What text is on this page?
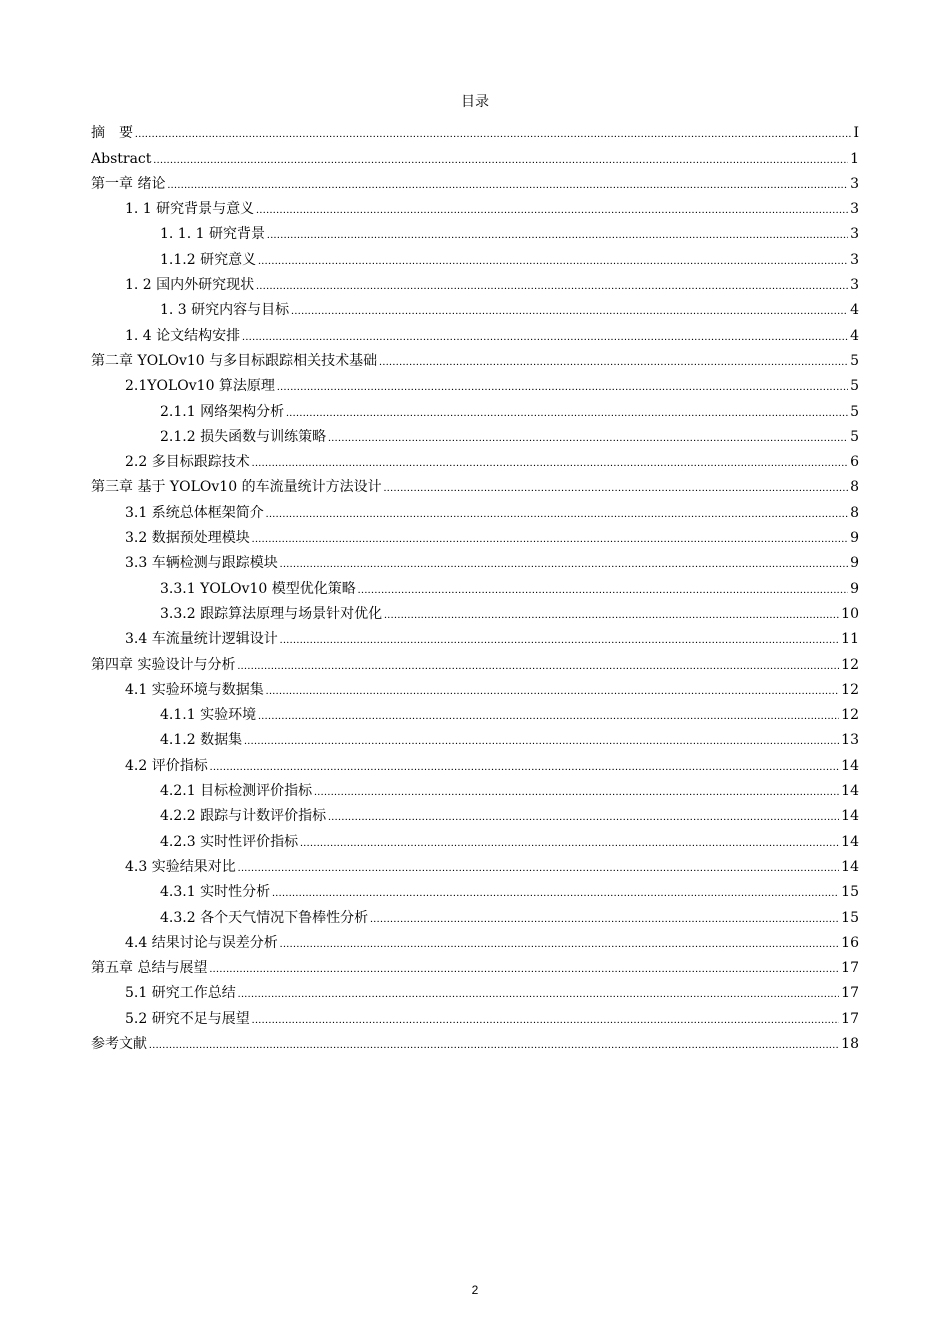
目录
摘　要 .....	I
Abstract .....	1
第一章 绪论 .....	3
1. 1 研究背景与意义 .....	3
1. 1. 1 研究背景 .....	3
1.1.2 研究意义 .....	3
1. 2 国内外研究现状 .....	3
1. 3 研究内容与目标 .....	4
1. 4 论文结构安排 .....	4
第二章 YOLOv10 与多目标跟踪相关技术基础 .....	5
2.1YOLOv10 算法原理 .....	5
2.1.1 网络架构分析 .....	5
2.1.2 损失函数与训练策略 .....	5
2.2 多目标跟踪技术 .....	6
第三章 基于 YOLOv10 的车流量统计方法设计 .....	8
3.1 系统总体框架简介 .....	8
3.2 数据预处理模块 .....	9
3.3 车辆检测与跟踪模块 .....	9
3.3.1 YOLOv10 模型优化策略 .....	9
3.3.2 跟踪算法原理与场景针对优化 .....	10
3.4 车流量统计逻辑设计 .....	11
第四章 实验设计与分析 .....	12
4.1 实验环境与数据集 .....	12
4.1.1 实验环境 .....	12
4.1.2 数据集 .....	13
4.2 评价指标 .....	14
4.2.1 目标检测评价指标 .....	14
4.2.2 跟踪与计数评价指标 .....	14
4.2.3 实时性评价指标 .....	14
4.3 实验结果对比 .....	14
4.3.1 实时性分析 .....	15
4.3.2 各个天气情况下鲁棒性分析 .....	15
4.4 结果讨论与误差分析 .....	16
第五章 总结与展望 .....	17
5.1 研究工作总结 .....	17
5.2 研究不足与展望 .....	17
参考文献 .....	18
2
